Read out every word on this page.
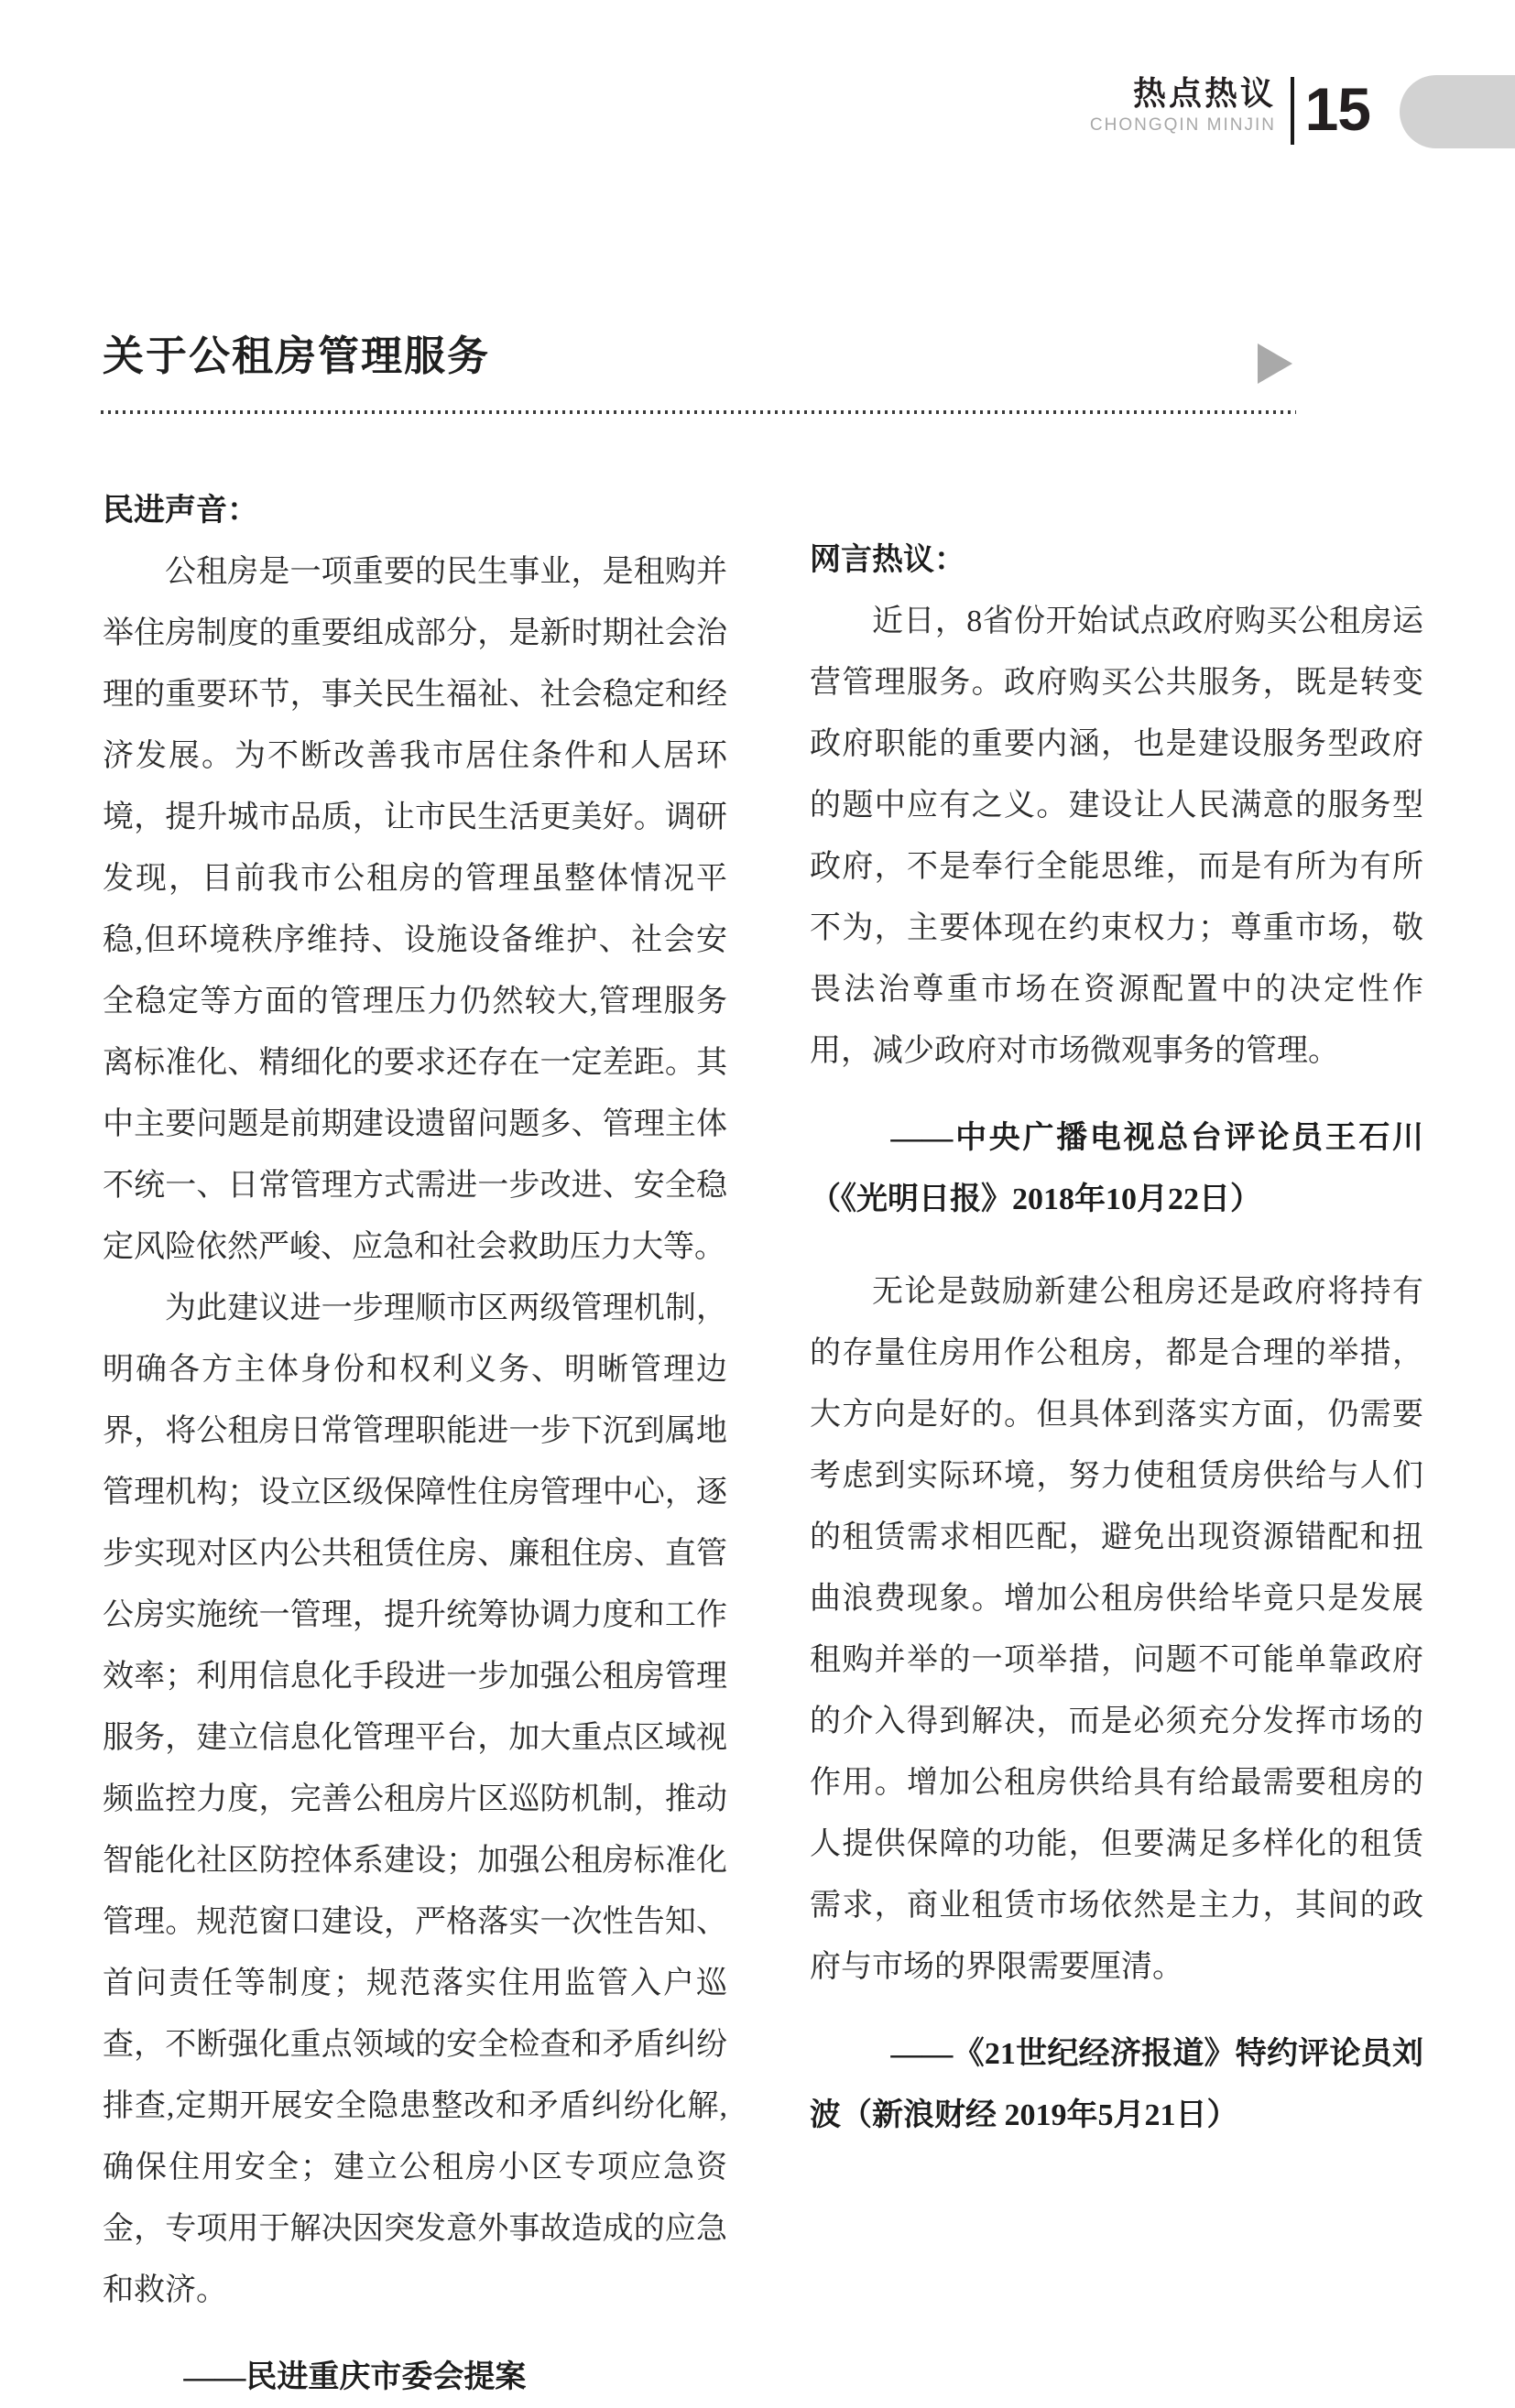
热点热议
CHONGQIN MINJIN 15
关于公租房管理服务

民进声音：

公租房是一项重要的民生事业，是租购并举住房制度的重要组成部分，是新时期社会治理的重要环节，事关民生福祉、社会稳定和经济发展。为不断改善我市居住条件和人居环境，提升城市品质，让市民生活更美好。调研发现，目前我市公租房的管理虽整体情况平稳,但环境秩序维持、设施设备维护、社会安全稳定等方面的管理压力仍然较大,管理服务离标准化、精细化的要求还存在一定差距。其中主要问题是前期建设遗留问题多、管理主体不统一、日常管理方式需进一步改进、安全稳定风险依然严峻、应急和社会救助压力大等。

为此建议进一步理顺市区两级管理机制，明确各方主体身份和权利义务、明晰管理边界，将公租房日常管理职能进一步下沉到属地管理机构；设立区级保障性住房管理中心，逐步实现对区内公共租赁住房、廉租住房、直管公房实施统一管理，提升统筹协调力度和工作效率；利用信息化手段进一步加强公租房管理服务，建立信息化管理平台，加大重点区域视频监控力度，完善公租房片区巡防机制，推动智能化社区防控体系建设；加强公租房标准化管理。规范窗口建设，严格落实一次性告知、首问责任等制度；规范落实住用监管入户巡查，不断强化重点领域的安全检查和矛盾纠纷排查,定期开展安全隐患整改和矛盾纠纷化解,确保住用安全；建立公租房小区专项应急资金，专项用于解决因突发意外事故造成的应急和救济。

——民进重庆市委会提案

网言热议：

近日，8省份开始试点政府购买公租房运营管理服务。政府购买公共服务，既是转变政府职能的重要内涵，也是建设服务型政府的题中应有之义。建设让人民满意的服务型政府，不是奉行全能思维，而是有所为有所不为，主要体现在约束权力；尊重市场，敬畏法治尊重市场在资源配置中的决定性作用，减少政府对市场微观事务的管理。

——中央广播电视总台评论员王石川（《光明日报》2018年10月22日）

无论是鼓励新建公租房还是政府将持有的存量住房用作公租房，都是合理的举措，大方向是好的。但具体到落实方面，仍需要考虑到实际环境，努力使租赁房供给与人们的租赁需求相匹配，避免出现资源错配和扭曲浪费现象。增加公租房供给毕竟只是发展租购并举的一项举措，问题不可能单靠政府的介入得到解决，而是必须充分发挥市场的作用。增加公租房供给具有给最需要租房的人提供保障的功能，但要满足多样化的租赁需求，商业租赁市场依然是主力，其间的政府与市场的界限需要厘清。

——《21世纪经济报道》特约评论员刘波（新浪财经 2019年5月21日）
